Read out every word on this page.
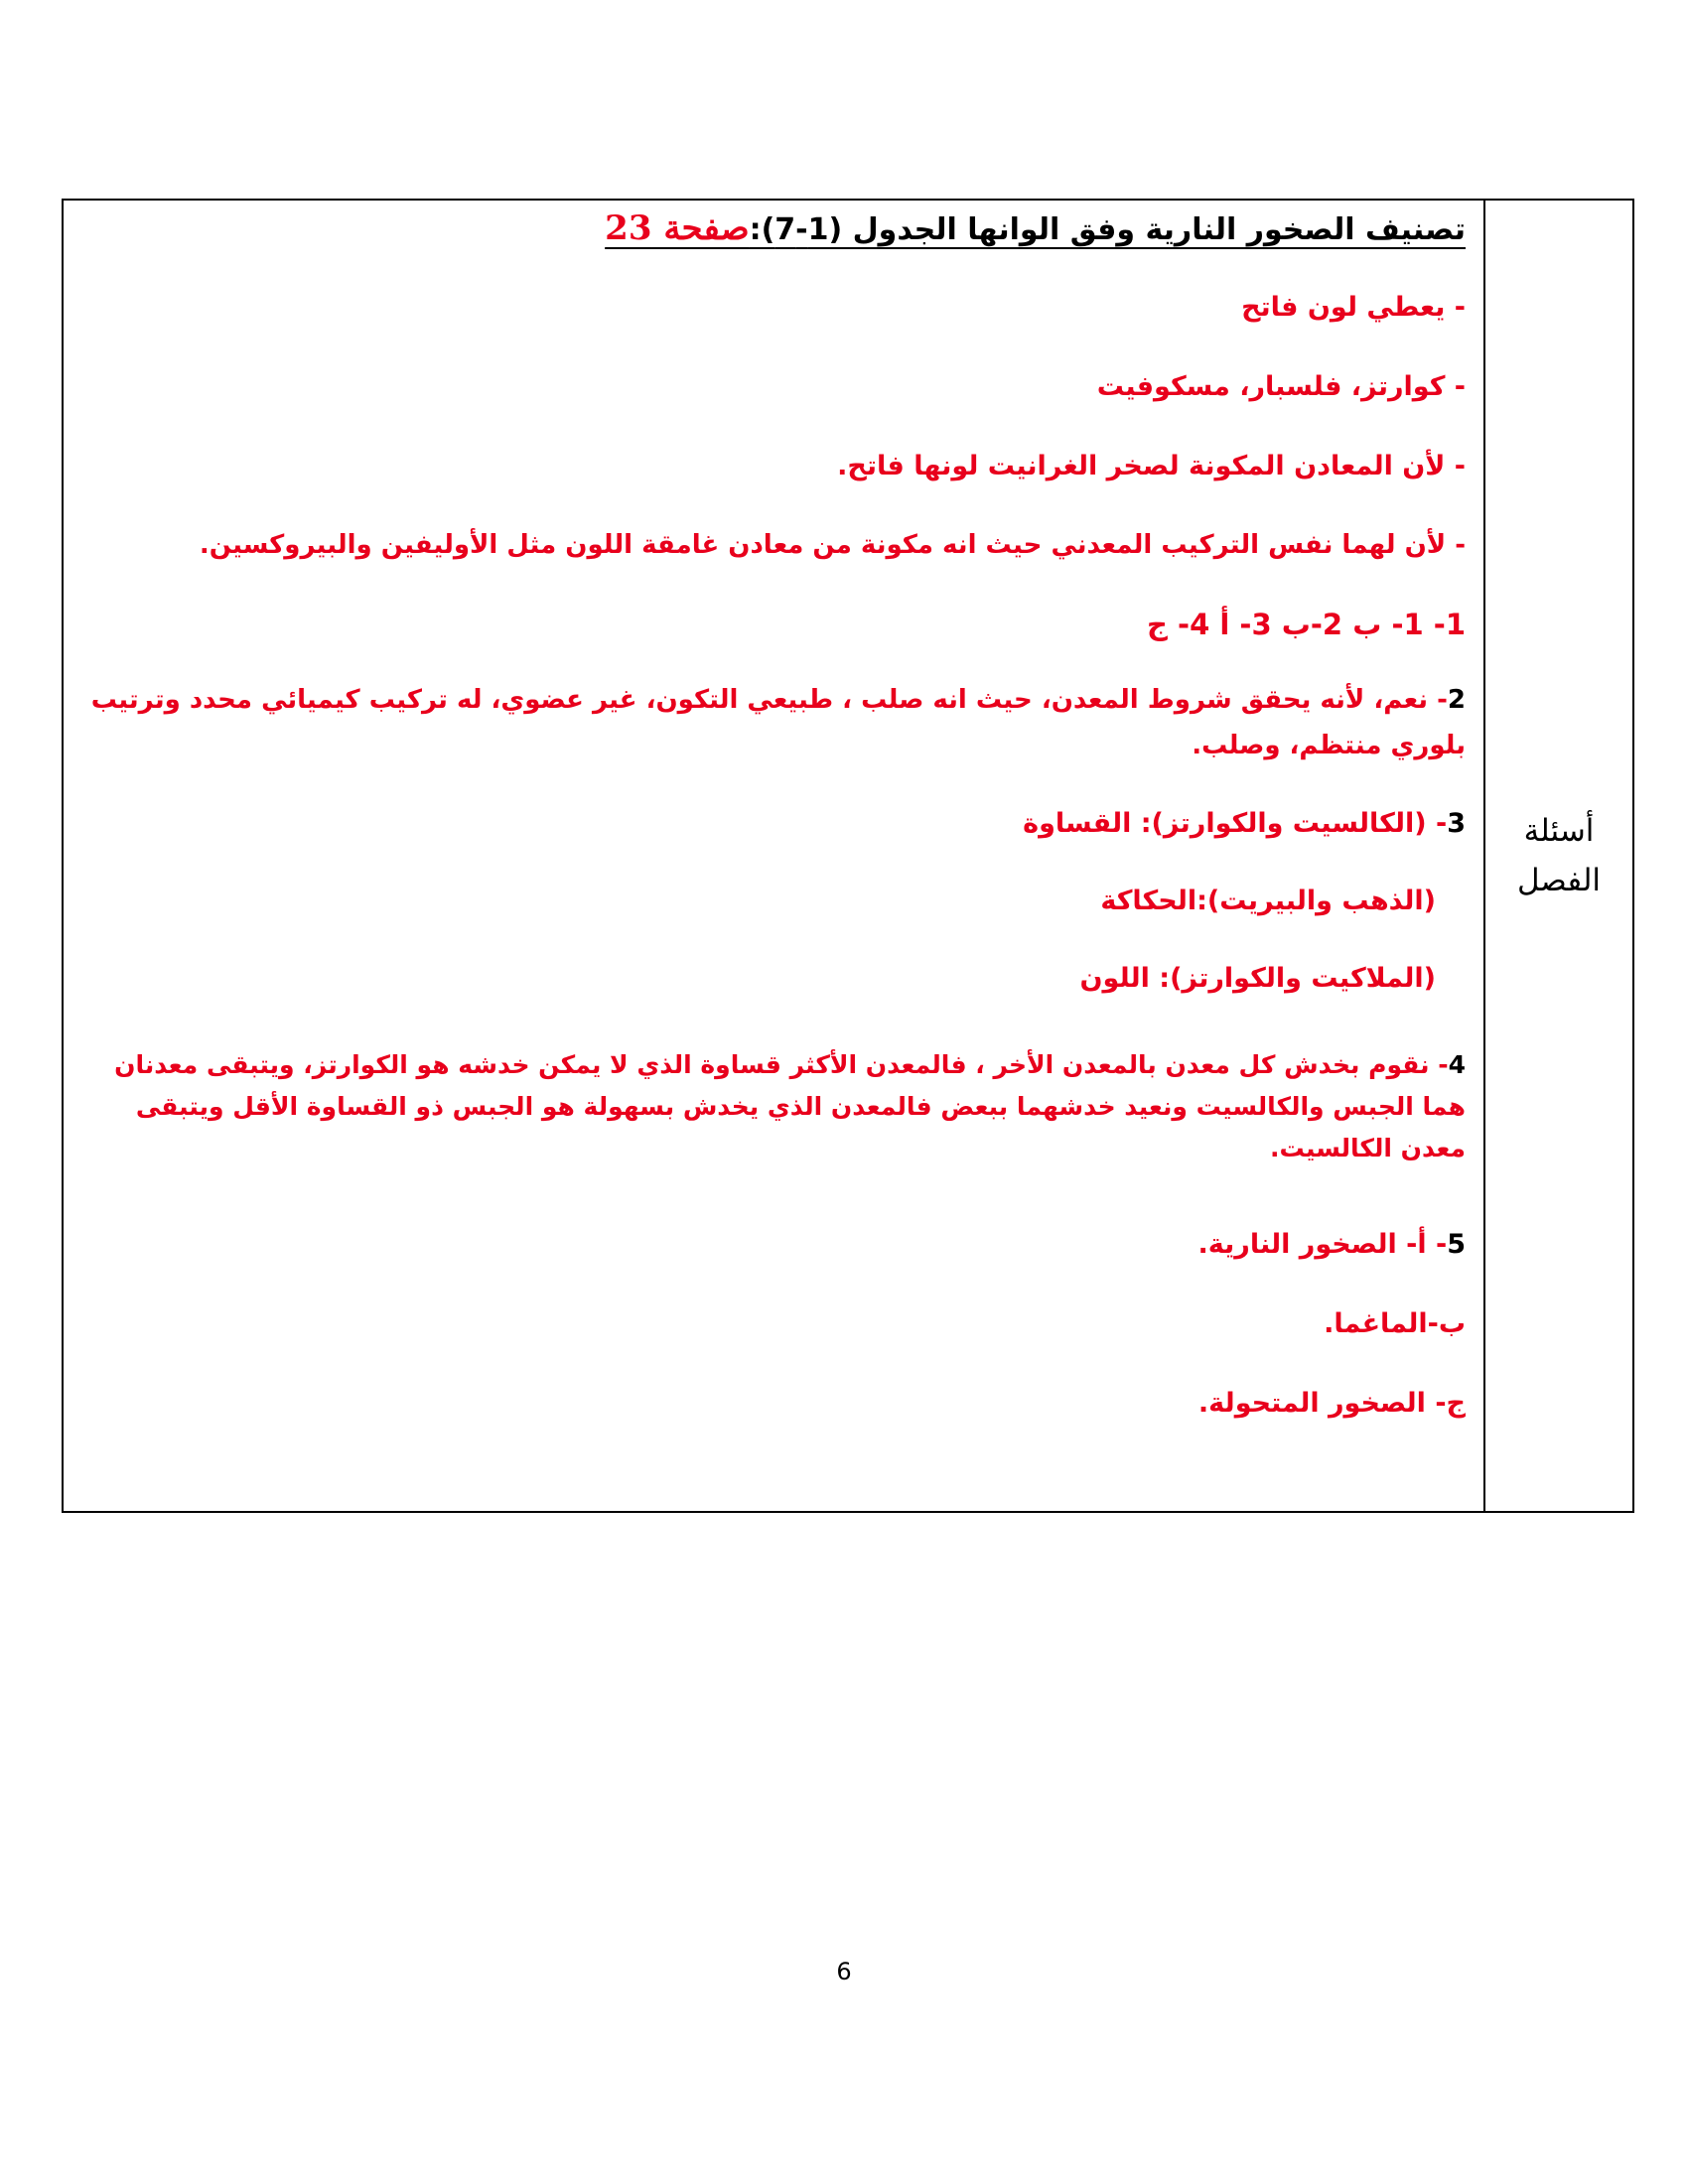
أسئلة
الفصل
تصنيف الصخور النارية وفق الوانها الجدول (1-7):صفحة 23
- يعطي لون فاتح
- كوارتز، فلسبار، مسكوفيت
- لأن المعادن المكونة لصخر الغرانيت لونها فاتح.
- لأن لهما نفس التركيب المعدني حيث انه مكونة من معادن غامقة اللون مثل الأوليفين والبيروكسين.
1- 1- ب 2-ب 3- أ 4- ج
2- نعم، لأنه يحقق شروط المعدن، حيث انه صلب ، طبيعي التكون، غير عضوي، له تركيب كيميائي محدد وترتيب بلوري منتظم، وصلب.
3- (الكالسيت والكوارتز): القساوة
(الذهب والبيريت):الحكاكة
(الملاكيت والكوارتز): اللون
4- نقوم بخدش كل معدن بالمعدن الأخر ، فالمعدن الأكثر قساوة الذي لا يمكن خدشه هو الكوارتز، ويتبقى معدنان هما الجبس والكالسيت ونعيد خدشهما ببعض فالمعدن الذي يخدش بسهولة هو الجبس ذو القساوة الأقل ويتبقى معدن الكالسيت.
5- أ- الصخور النارية.
ب-الماغما.
ج- الصخور المتحولة.
6
